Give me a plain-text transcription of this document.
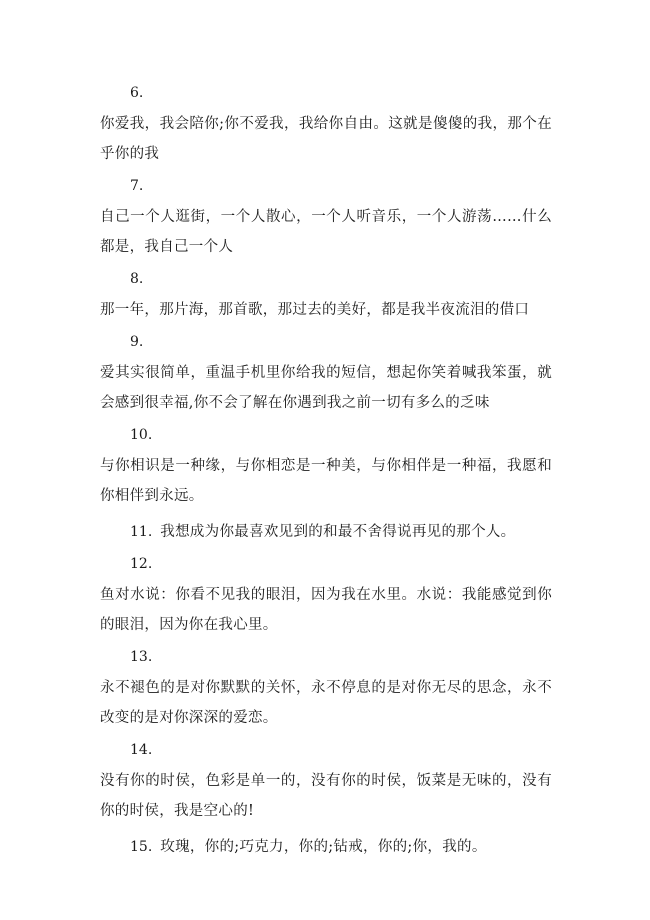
6.
你爱我，我会陪你;你不爱我，我给你自由。这就是傻傻的我，那个在乎你的我
7.
自己一个人逛街，一个人散心，一个人听音乐，一个人游荡……什么都是，我自己一个人
8.
那一年，那片海，那首歌，那过去的美好，都是我半夜流泪的借口
9.
爱其实很简单，重温手机里你给我的短信，想起你笑着喊我笨蛋，就会感到很幸福,你不会了解在你遇到我之前一切有多么的乏味
10.
与你相识是一种缘，与你相恋是一种美，与你相伴是一种福，我愿和你相伴到永远。
11. 我想成为你最喜欢见到的和最不舍得说再见的那个人。
12.
鱼对水说：你看不见我的眼泪，因为我在水里。水说：我能感觉到你的眼泪，因为你在我心里。
13.
永不褪色的是对你默默的关怀，永不停息的是对你无尽的思念，永不改变的是对你深深的爱恋。
14.
没有你的时侯，色彩是单一的，没有你的时侯，饭菜是无味的，没有你的时侯，我是空心的!
15. 玫瑰，你的;巧克力，你的;钻戒，你的;你，我的。
